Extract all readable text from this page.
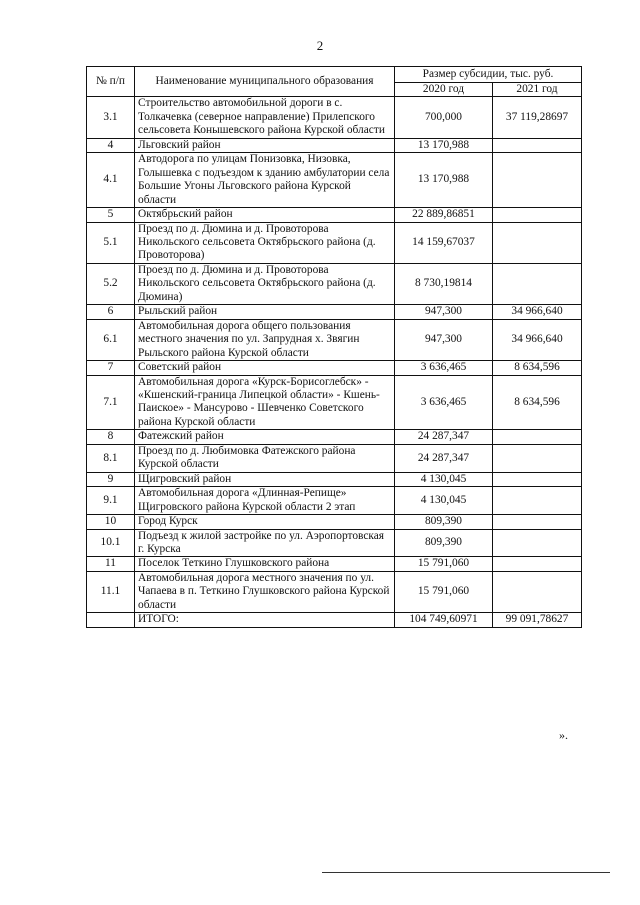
2
№ п/п	Наименование муниципального образования	Размер субсидии, тыс. руб.	
		2020 год	2021 год
3.1	Строительство автомобильной дороги в с. Толкачевка (северное направление) Прилепского сельсовета Конышевского района Курской области	700,000	37 119,28697
4	Льговский район	13 170,988	
4.1	Автодорога по улицам Понизовка, Низовка, Голышевка с подъездом к зданию амбулатории села Большие Угоны Льговского района Курской области	13 170,988	
5	Октябрьский район	22 889,86851	
5.1	Проезд по д. Дюмина и д. Провоторова Никольского сельсовета Октябрьского района (д. Провоторова)	14 159,67037	
5.2	Проезд по д. Дюмина и д. Провоторова Никольского сельсовета Октябрьского района (д. Дюмина)	8 730,19814	
6	Рыльский район	947,300	34 966,640
6.1	Автомобильная дорога общего пользования местного значения по ул. Запрудная х. Звягин Рыльского района Курской области	947,300	34 966,640
7	Советский район	3 636,465	8 634,596
7.1	Автомобильная дорога «Курск-Борисоглебск» - «Кшенский-граница Липецкой области» - Кшень-Паиское» - Мансурово - Шевченко Советского района Курской области	3 636,465	8 634,596
8	Фатежский район	24 287,347	
8.1	Проезд по д. Любимовка Фатежского района Курской области	24 287,347	
9	Щигровский район	4 130,045	
9.1	Автомобильная дорога «Длинная-Репище» Щигровского района Курской области 2 этап	4 130,045	
10	Город Курск	809,390	
10.1	Подъезд к жилой застройке по ул. Аэропортовская г. Курска	809,390	
11	Поселок Теткино Глушковского района	15 791,060	
11.1	Автомобильная дорога местного значения по ул. Чапаева в п. Теткино Глушковского района Курской области	15 791,060	
	ИТОГО:	104 749,60971	99 091,78627
».
